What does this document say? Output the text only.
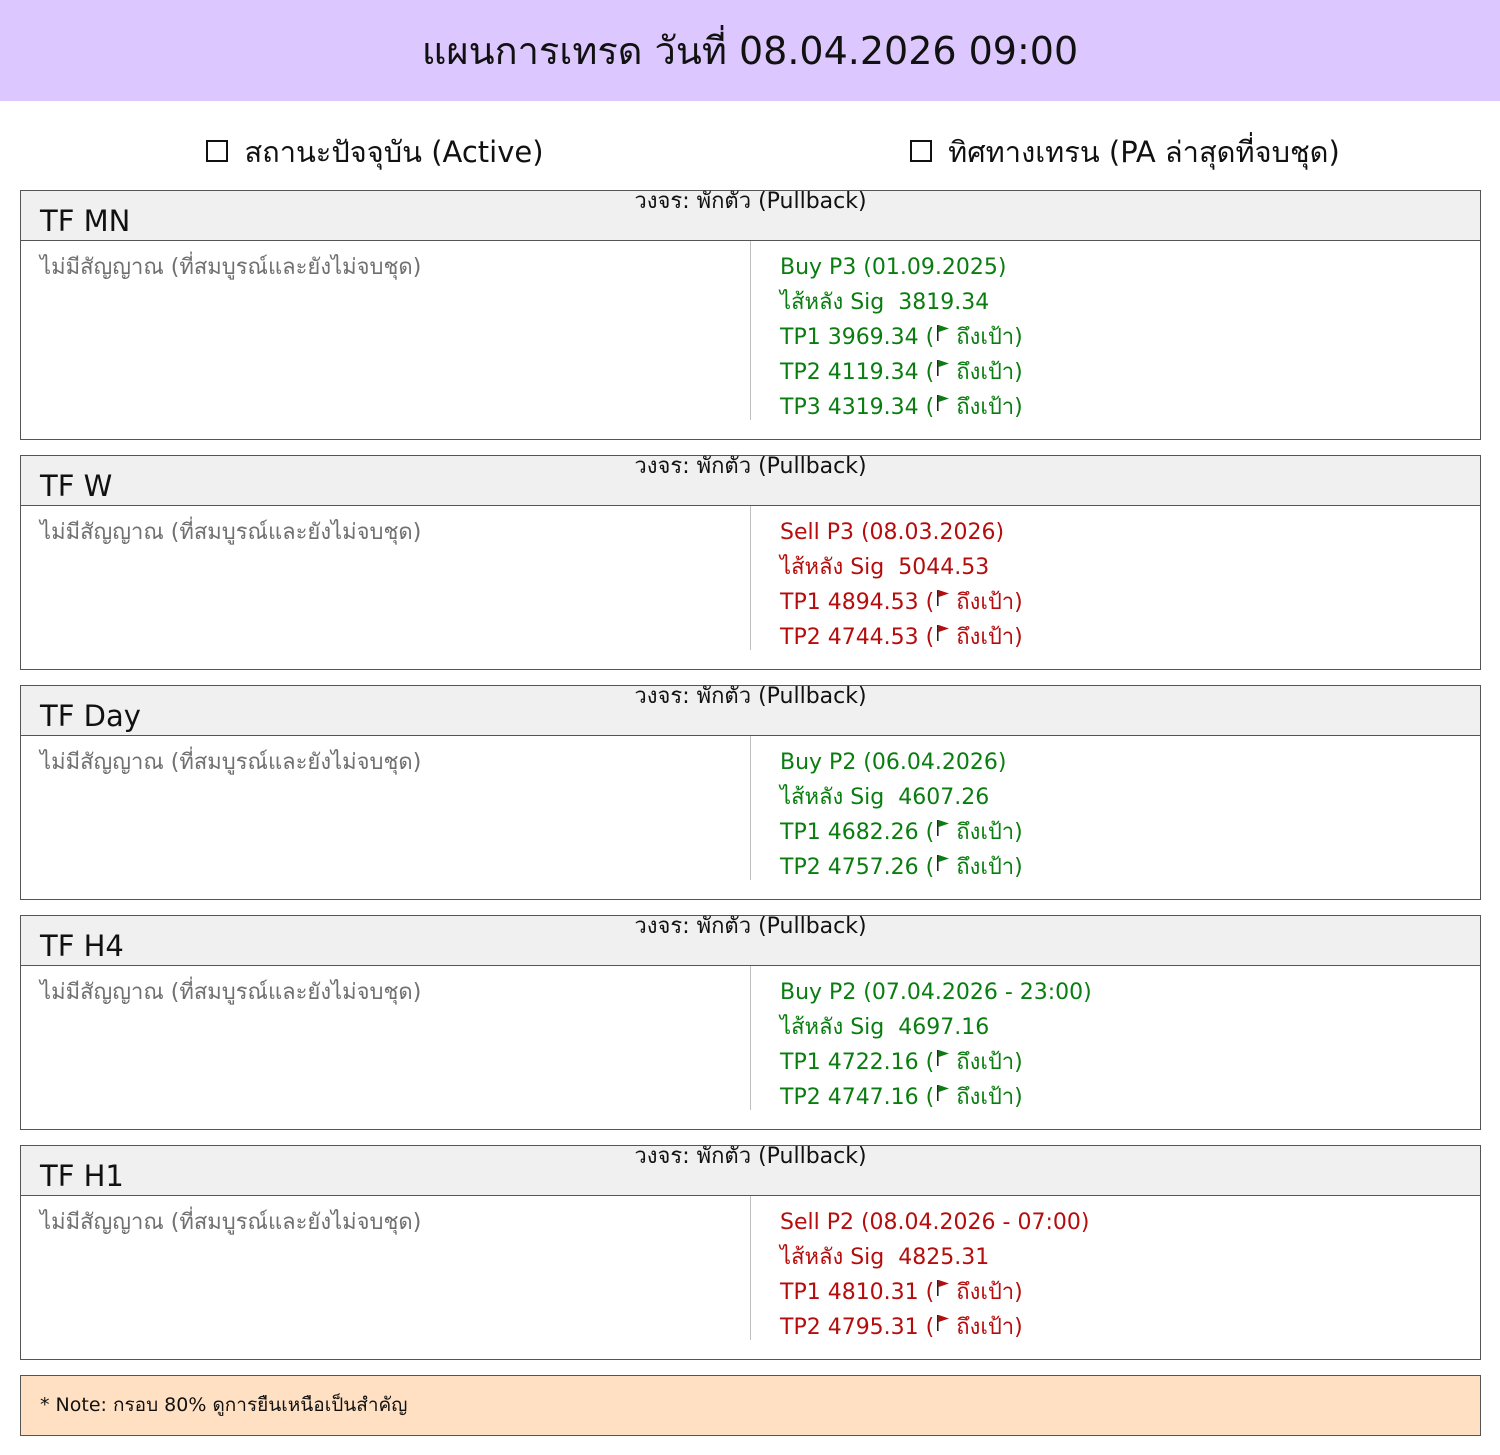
แผนการเทรด วันที่ 08.04.2026 09:00
สถานะปัจจุบัน (Active)	ทิศทางเทรน (PA ล่าสุดที่จบชุด)
วงจร: พักตัว (Pullback)
TF MN
ไม่มีสัญญาณ (ที่สมบูรณ์และยังไม่จบชุด)	Buy P3 (01.09.2025)
ไส้หลัง Sig  3819.34
TP1 3969.34 ( ถึงเป้า)
TP2 4119.34 ( ถึงเป้า)
TP3 4319.34 ( ถึงเป้า)
วงจร: พักตัว (Pullback)
TF W
ไม่มีสัญญาณ (ที่สมบูรณ์และยังไม่จบชุด)	Sell P3 (08.03.2026)
ไส้หลัง Sig  5044.53
TP1 4894.53 ( ถึงเป้า)
TP2 4744.53 ( ถึงเป้า)
วงจร: พักตัว (Pullback)
TF Day
ไม่มีสัญญาณ (ที่สมบูรณ์และยังไม่จบชุด)	Buy P2 (06.04.2026)
ไส้หลัง Sig  4607.26
TP1 4682.26 ( ถึงเป้า)
TP2 4757.26 ( ถึงเป้า)
วงจร: พักตัว (Pullback)
TF H4
ไม่มีสัญญาณ (ที่สมบูรณ์และยังไม่จบชุด)	Buy P2 (07.04.2026 - 23:00)
ไส้หลัง Sig  4697.16
TP1 4722.16 ( ถึงเป้า)
TP2 4747.16 ( ถึงเป้า)
วงจร: พักตัว (Pullback)
TF H1
ไม่มีสัญญาณ (ที่สมบูรณ์และยังไม่จบชุด)	Sell P2 (08.04.2026 - 07:00)
ไส้หลัง Sig  4825.31
TP1 4810.31 ( ถึงเป้า)
TP2 4795.31 ( ถึงเป้า)
* Note: กรอบ 80% ดูการยืนเหนือเป็นสำคัญ
